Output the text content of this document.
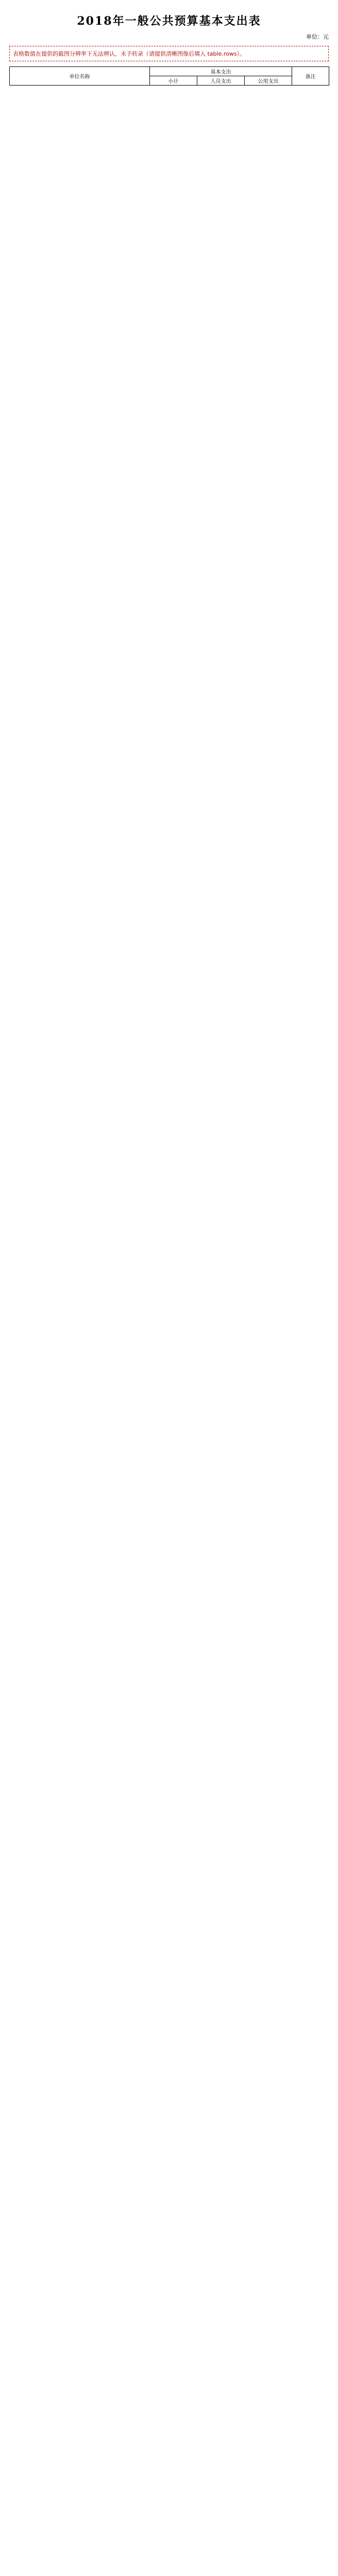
2018年一般公共预算基本支出表
单位：元
表格数值在提供的截图分辨率下无法辨认，未予转录（请提供清晰图像后填入 table.rows）。
单位名称	基本支出			备注
	小计	人员支出	公用支出	
